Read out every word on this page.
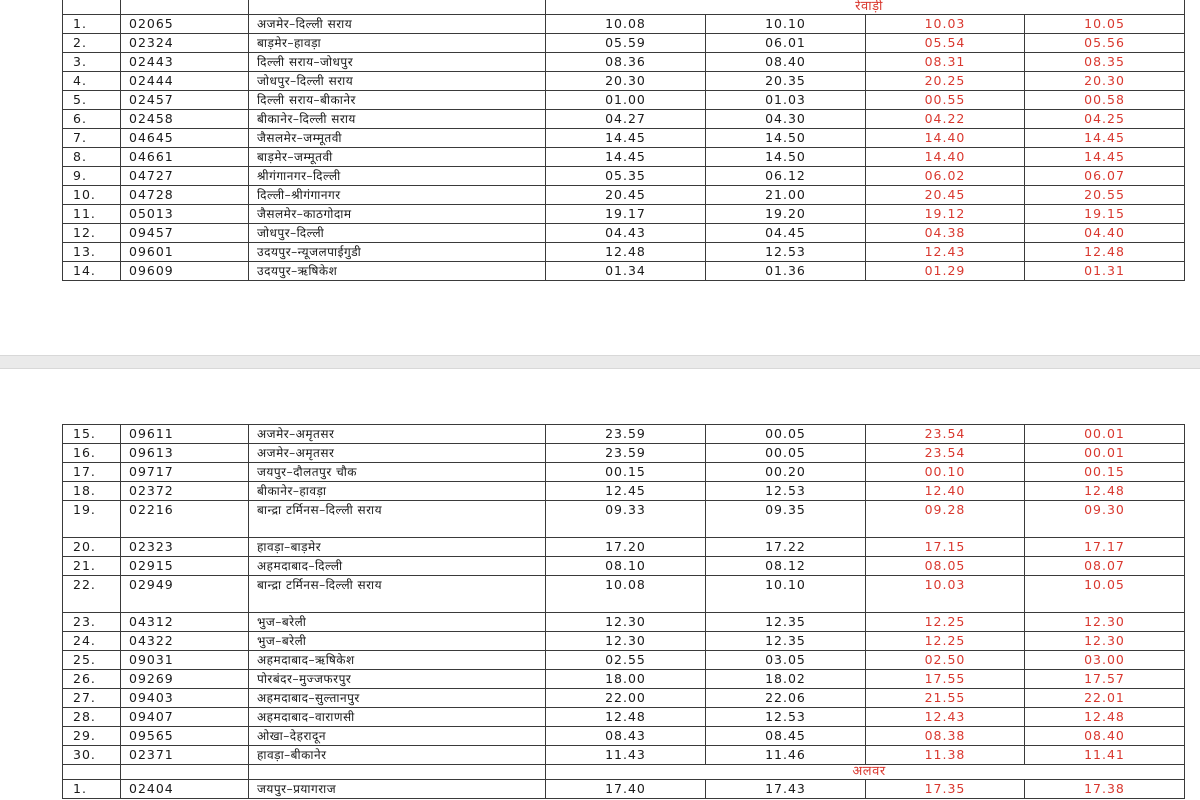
			रेवाड़ी			
1.	02065	अजमेर–दिल्ली सराय	10.08	10.10	10.03	10.05
2.	02324	बाड़मेर–हावड़ा	05.59	06.01	05.54	05.56
3.	02443	दिल्ली सराय–जोधपुर	08.36	08.40	08.31	08.35
4.	02444	जोधपुर–दिल्ली सराय	20.30	20.35	20.25	20.30
5.	02457	दिल्ली सराय–बीकानेर	01.00	01.03	00.55	00.58
6.	02458	बीकानेर–दिल्ली सराय	04.27	04.30	04.22	04.25
7.	04645	जैसलमेर–जम्मूतवी	14.45	14.50	14.40	14.45
8.	04661	बाड़मेर–जम्मूतवी	14.45	14.50	14.40	14.45
9.	04727	श्रीगंगानगर–दिल्ली	05.35	06.12	06.02	06.07
10.	04728	दिल्ली–श्रीगंगानगर	20.45	21.00	20.45	20.55
11.	05013	जैसलमेर–काठगोदाम	19.17	19.20	19.12	19.15
12.	09457	जोधपुर–दिल्ली	04.43	04.45	04.38	04.40
13.	09601	उदयपुर–न्यूजलपाईगुडी	12.48	12.53	12.43	12.48
14.	09609	उदयपुर–ऋषिकेश	01.34	01.36	01.29	01.31
15.	09611	अजमेर–अमृतसर	23.59	00.05	23.54	00.01
16.	09613	अजमेर–अमृतसर	23.59	00.05	23.54	00.01
17.	09717	जयपुर–दौलतपुर चौक	00.15	00.20	00.10	00.15
18.	02372	बीकानेर–हावड़ा	12.45	12.53	12.40	12.48
19.	02216	बान्द्रा टर्मिनस–दिल्ली सराय	09.33	09.35	09.28	09.30
20.	02323	हावड़ा–बाड़मेर	17.20	17.22	17.15	17.17
21.	02915	अहमदाबाद–दिल्ली	08.10	08.12	08.05	08.07
22.	02949	बान्द्रा टर्मिनस–दिल्ली सराय	10.08	10.10	10.03	10.05
23.	04312	भुज–बरेली	12.30	12.35	12.25	12.30
24.	04322	भुज–बरेली	12.30	12.35	12.25	12.30
25.	09031	अहमदाबाद–ऋषिकेश	02.55	03.05	02.50	03.00
26.	09269	पोरबंदर–मुज्जफरपुर	18.00	18.02	17.55	17.57
27.	09403	अहमदाबाद–सुल्तानपुर	22.00	22.06	21.55	22.01
28.	09407	अहमदाबाद–वाराणसी	12.48	12.53	12.43	12.48
29.	09565	ओखा–देहरादून	08.43	08.45	08.38	08.40
30.	02371	हावड़ा–बीकानेर	11.43	11.46	11.38	11.41
			अलवर			
1.	02404	जयपुर–प्रयागराज	17.40	17.43	17.35	17.38
